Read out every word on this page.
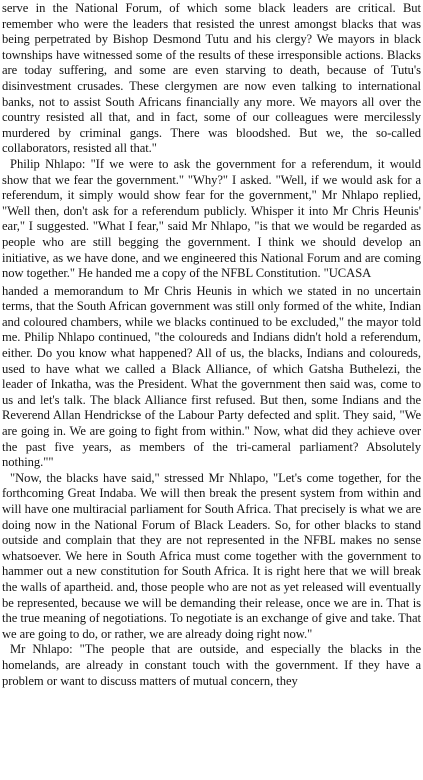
serve in the National Forum, of which some black leaders are critical. But remember who were the leaders that resisted the unrest amongst blacks that was being perpetrated by Bishop Desmond Tutu and his clergy? We mayors in black townships have witnessed some of the results of these irresponsible actions. Blacks are today suffering, and some are even starving to death, because of Tutu's disinvestment crusades. These clergymen are now even talking to international banks, not to assist South Africans financially any more. We mayors all over the country resisted all that, and in fact, some of our colleagues were mercilessly murdered by criminal gangs. There was bloodshed. But we, the so-called collaborators, resisted all that."

Philip Nhlapo: "If we were to ask the government for a referendum, it would show that we fear the government." "Why?" I asked. "Well, if we would ask for a referendum, it simply would show fear for the government," Mr Nhlapo replied, "Well then, don't ask for a referendum publicly. Whisper it into Mr Chris Heunis' ear," I suggested. "What I fear," said Mr Nhlapo, "is that we would be regarded as people who are still begging the government. I think we should develop an initiative, as we have done, and we engineered this National Forum and are coming now together." He handed me a copy of the NFBL Constitution. "UCASA

handed a memorandum to Mr Chris Heunis in which we stated in no uncertain terms, that the South African government was still only formed of the white, Indian and coloured chambers, while we blacks continued to be excluded," the mayor told me. Philip Nhlapo continued, "the coloureds and Indians didn't hold a referendum, either. Do you know what happened? All of us, the blacks, Indians and coloureds, used to have what we called a Black Alliance, of which Gatsha Buthelezi, the leader of Inkatha, was the President. What the government then said was, come to us and let's talk. The black Alliance first refused. But then, some Indians and the Reverend Allan Hendrickse of the Labour Party defected and split. They said, "We are going in. We are going to fight from within." Now, what did they achieve over the past five years, as members of the tri-cameral parliament? Absolutely nothing.""

"Now, the blacks have said," stressed Mr Nhlapo, "Let's come together, for the forthcoming Great Indaba. We will then break the present system from within and will have one multiracial parliament for South Africa. That precisely is what we are doing now in the National Forum of Black Leaders. So, for other blacks to stand outside and complain that they are not represented in the NFBL makes no sense whatsoever. We here in South Africa must come together with the government to hammer out a new constitution for South Africa. It is right here that we will break the walls of apartheid. and, those people who are not as yet released will eventually be represented, because we will be demanding their release, once we are in. That is the true meaning of negotiations. To negotiate is an exchange of give and take. That we are going to do, or rather, we are already doing right now."

Mr Nhlapo: "The people that are outside, and especially the blacks in the homelands, are already in constant touch with the government. If they have a problem or want to discuss matters of mutual concern, they
